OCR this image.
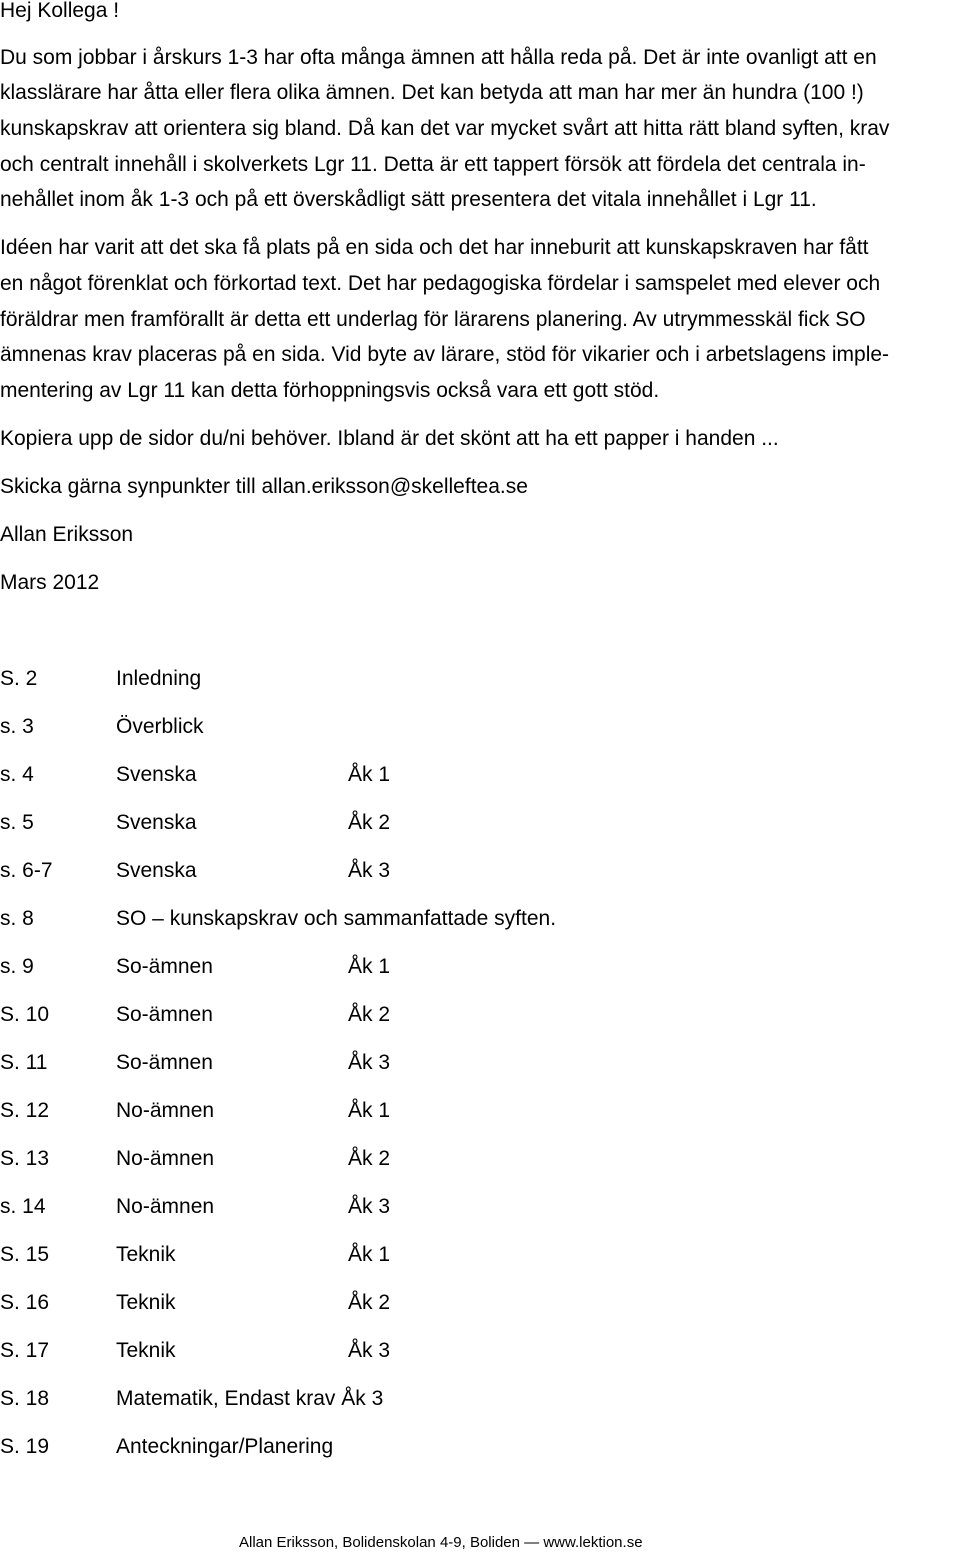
Hej Kollega !
Du som jobbar i årskurs 1-3 har ofta många ämnen att hålla reda på. Det är inte ovanligt att en
klasslärare har åtta eller flera olika ämnen. Det kan betyda att man har mer än hundra (100 !)
kunskapskrav att orientera sig bland. Då kan det var mycket svårt att hitta rätt bland syften, krav
och centralt innehåll i skolverkets Lgr 11. Detta är ett tappert försök att fördela det centrala in-
nehållet inom åk 1-3 och på ett överskådligt sätt presentera det vitala innehållet i Lgr 11.
Idéen har varit att det ska få plats på en sida och det har inneburit att kunskapskraven har fått
en något förenklat och förkortad text. Det har pedagogiska fördelar i samspelet med elever och
föräldrar men framförallt är detta ett underlag för lärarens planering. Av utrymmesskäl fick SO
ämnenas krav placeras på en sida. Vid byte av lärare, stöd för vikarier och i arbetslagens imple-
mentering av Lgr 11 kan detta förhoppningsvis också vara ett gott stöd.
Kopiera upp de sidor du/ni behöver. Ibland är det skönt att ha ett papper i handen ...
Skicka gärna synpunkter till allan.eriksson@skelleftea.se
Allan Eriksson
Mars 2012
S. 2	Inledning
s. 3	Överblick
s. 4	Svenska	Åk 1
s. 5	Svenska	Åk 2
s. 6-7	Svenska	Åk 3
s. 8	SO – kunskapskrav och sammanfattade syften.
s. 9	So-ämnen	Åk 1
S. 10	So-ämnen	Åk 2
S. 11	So-ämnen	Åk 3
S. 12	No-ämnen	Åk 1
S. 13	No-ämnen	Åk 2
s. 14	No-ämnen	Åk 3
S. 15	Teknik	Åk 1
S. 16	Teknik	Åk 2
S. 17	Teknik	Åk 3
S. 18	Matematik, Endast krav Åk 3
S. 19	Anteckningar/Planering
Allan Eriksson, Bolidenskolan 4-9, Boliden — www.lektion.se
